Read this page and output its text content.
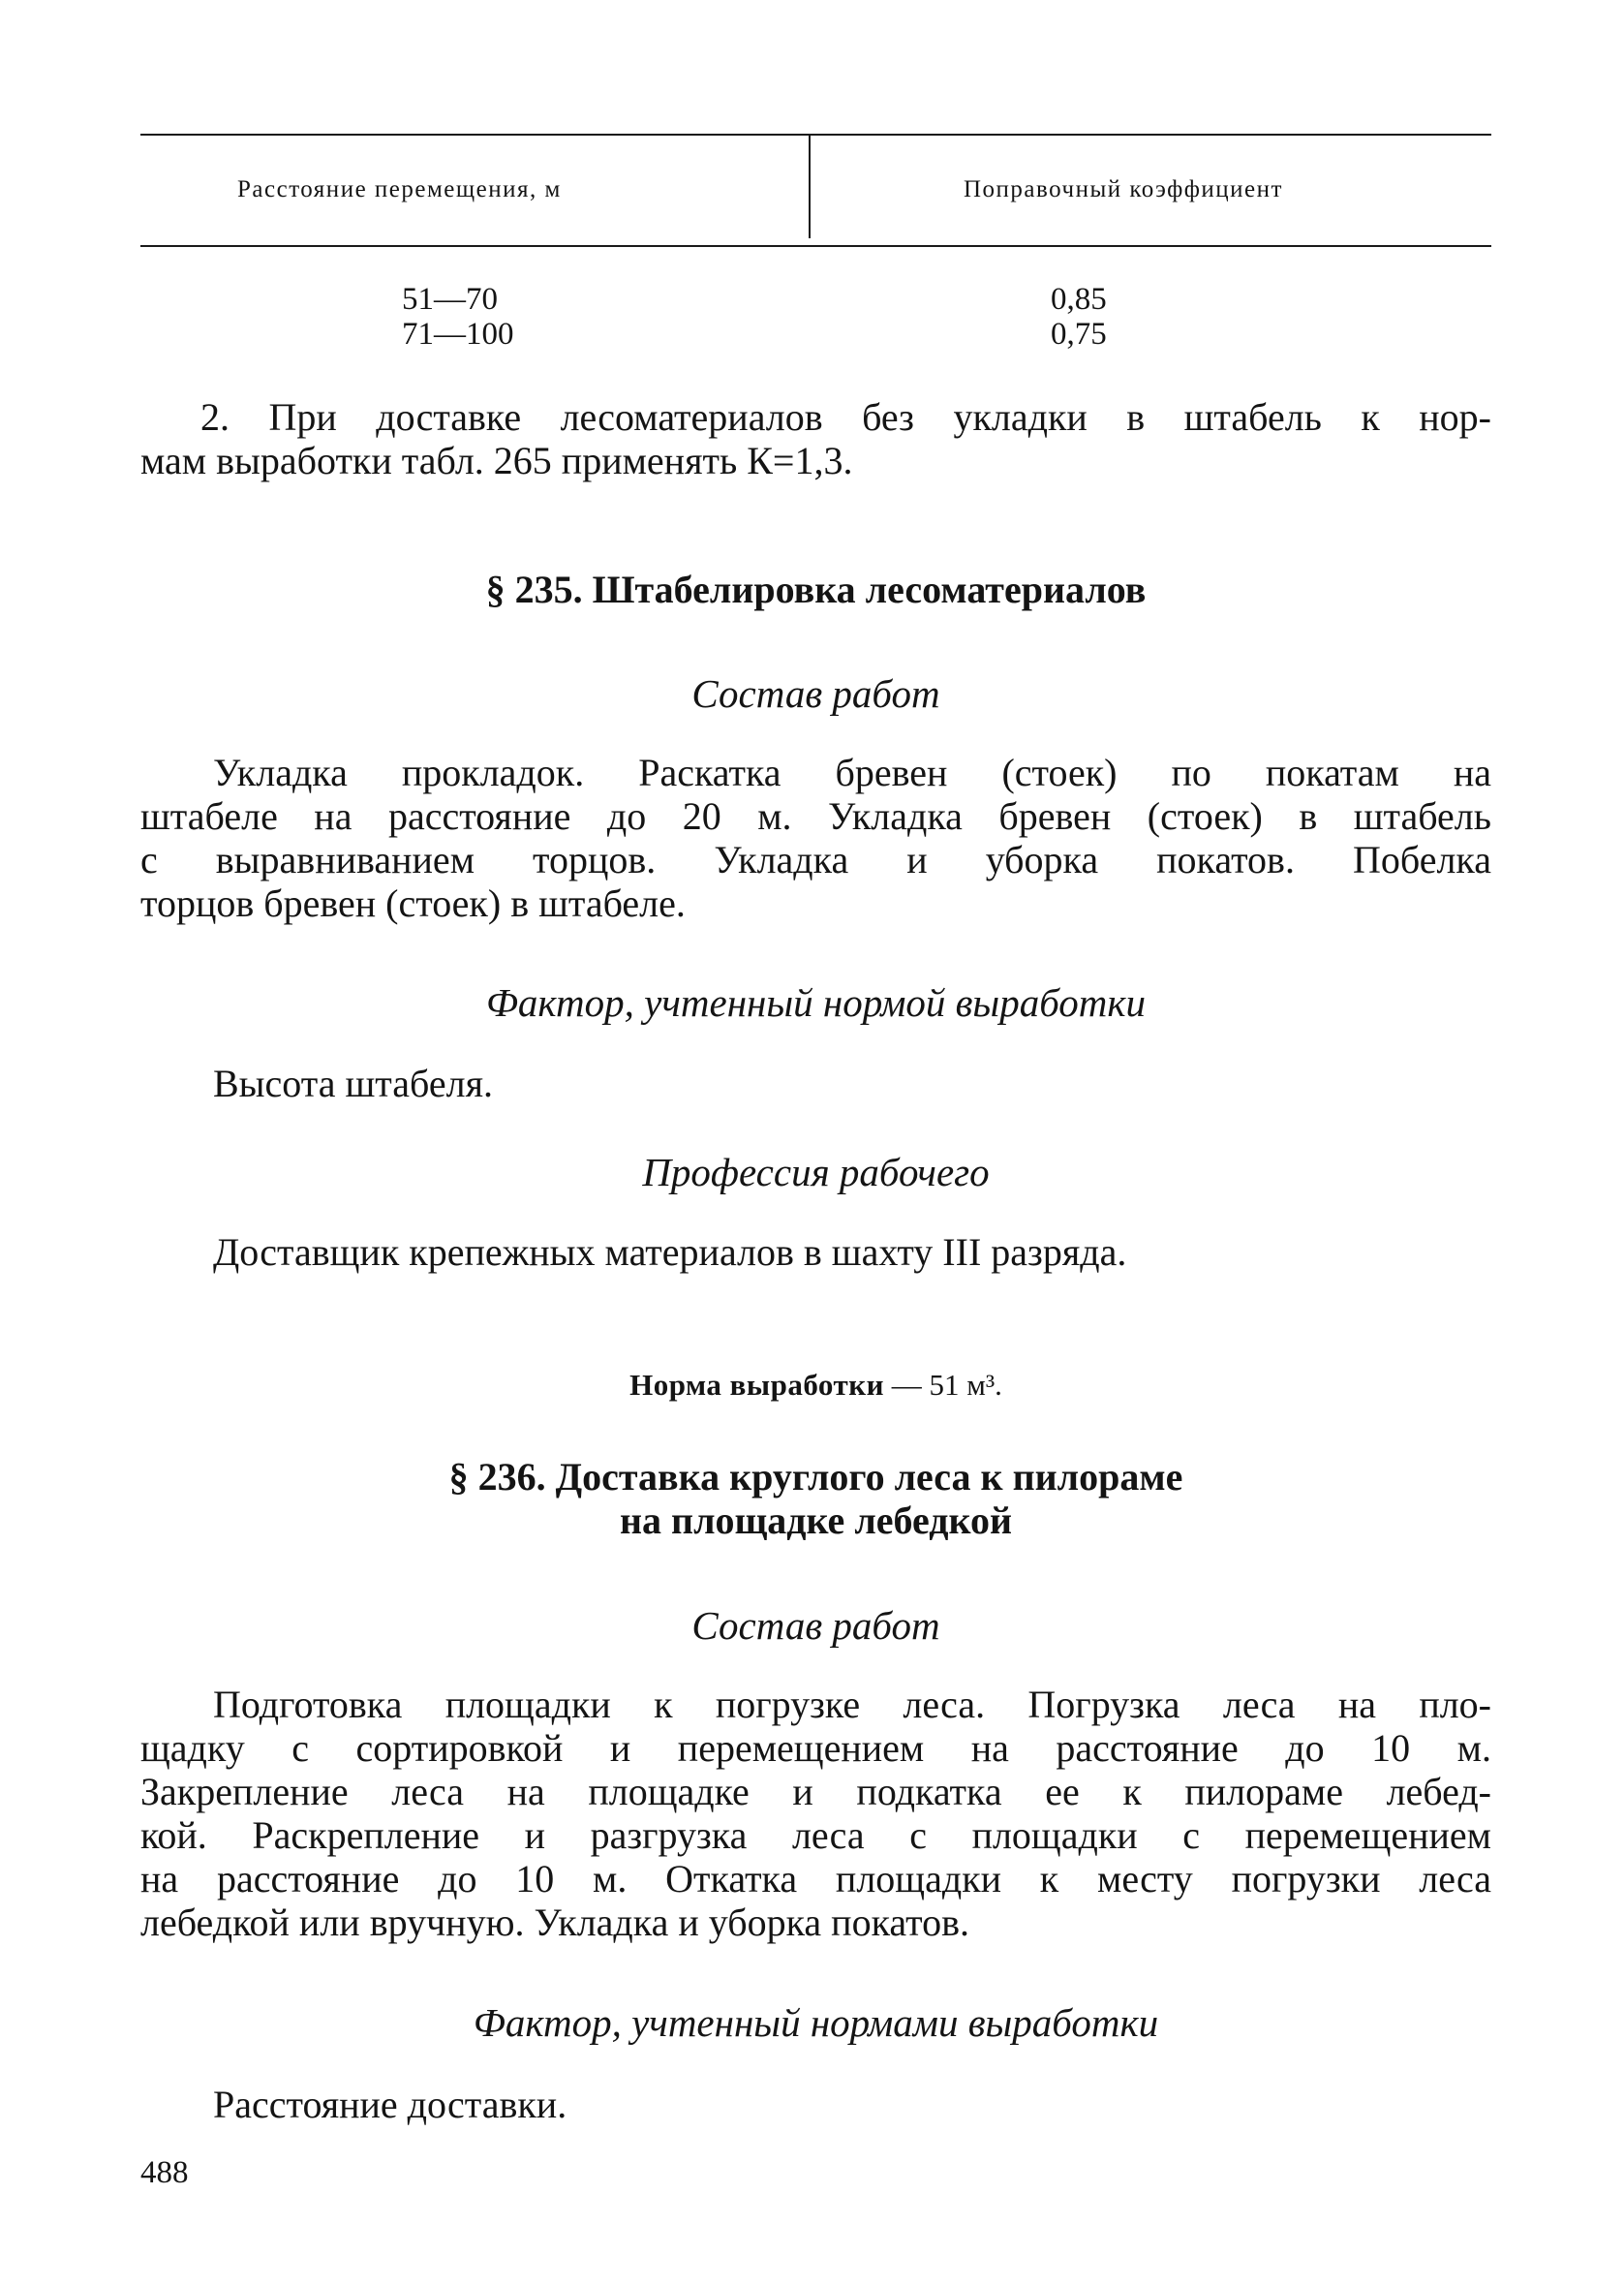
Расстояние перемещения, м	Поправочный коэффициент
51—70	0,85
71—100	0,75
2. При доставке лесоматериалов без укладки в штабель к нор-
мам выработки табл. 265 применять К=1,3.
§ 235. Штабелировка лесоматериалов
Состав работ
Укладка прокладок. Раскатка бревен (стоек) по покатам на
штабеле на расстояние до 20 м. Укладка бревен (стоек) в штабель
с выравниванием торцов. Укладка и уборка покатов. Побелка
торцов бревен (стоек) в штабеле.
Фактор, учтенный нормой выработки
Высота штабеля.
Профессия рабочего
Доставщик крепежных материалов в шахту III разряда.
Норма выработки — 51 м³.
§ 236. Доставка круглого леса к пилораме
на площадке лебедкой
Состав работ
Подготовка площадки к погрузке леса. Погрузка леса на пло-
щадку с сортировкой и перемещением на расстояние до 10 м.
Закрепление леса на площадке и подкатка ее к пилораме лебед-
кой. Раскрепление и разгрузка леса с площадки с перемещением
на расстояние до 10 м. Откатка площадки к месту погрузки леса
лебедкой или вручную. Укладка и уборка покатов.
Фактор, учтенный нормами выработки
Расстояние доставки.
488
